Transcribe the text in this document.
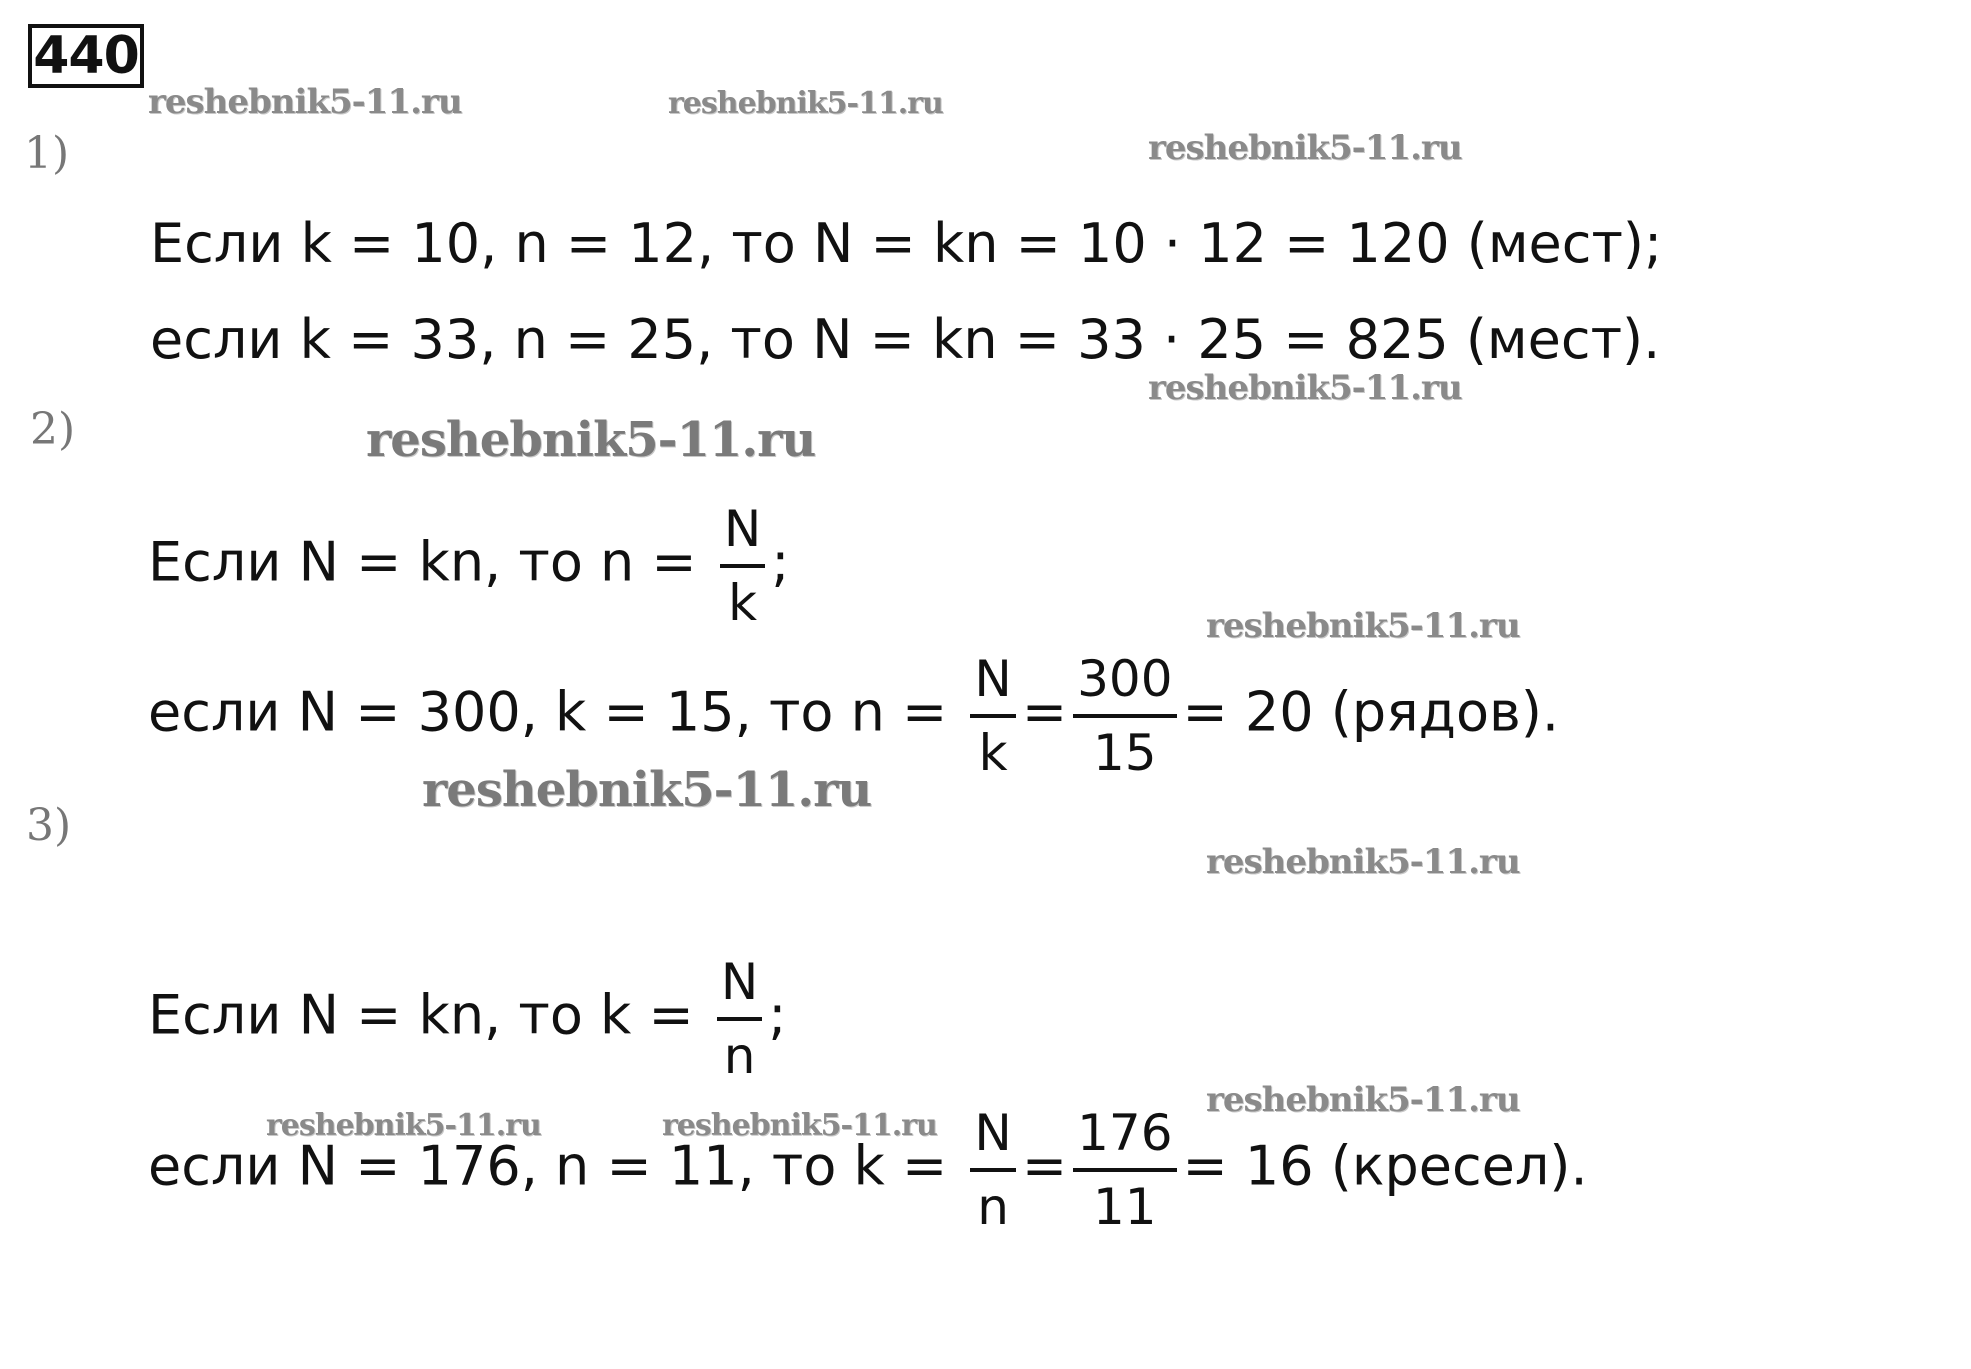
440
1)
2)
3)
Если k = 10, n = 12, то N = kn = 10 · 12 = 120 (мест);
если k = 33, n = 25, то N = kn = 33 · 25 = 825 (мест).
Если N = kn, то $n = \frac{N}{k}$ ;
если N = 300, k = 15, то $n = \frac{N}{k} = \frac{300}{15} = 20$ (рядов).
Если N = kn, то $k = \frac{N}{n}$ ;
если N = 176, n = 11, то $k = \frac{N}{n} = \frac{176}{11} = 16$ (кресел).
reshebnik5-11.ru	reshebnik5-11.ru
reshebnik5-11.ru
reshebnik5-11.ru
reshebnik5-11.ru
reshebnik5-11.ru
reshebnik5-11.ru
reshebnik5-11.ru
reshebnik5-11.ru
reshebnik5-11.ru	reshebnik5-11.ru
